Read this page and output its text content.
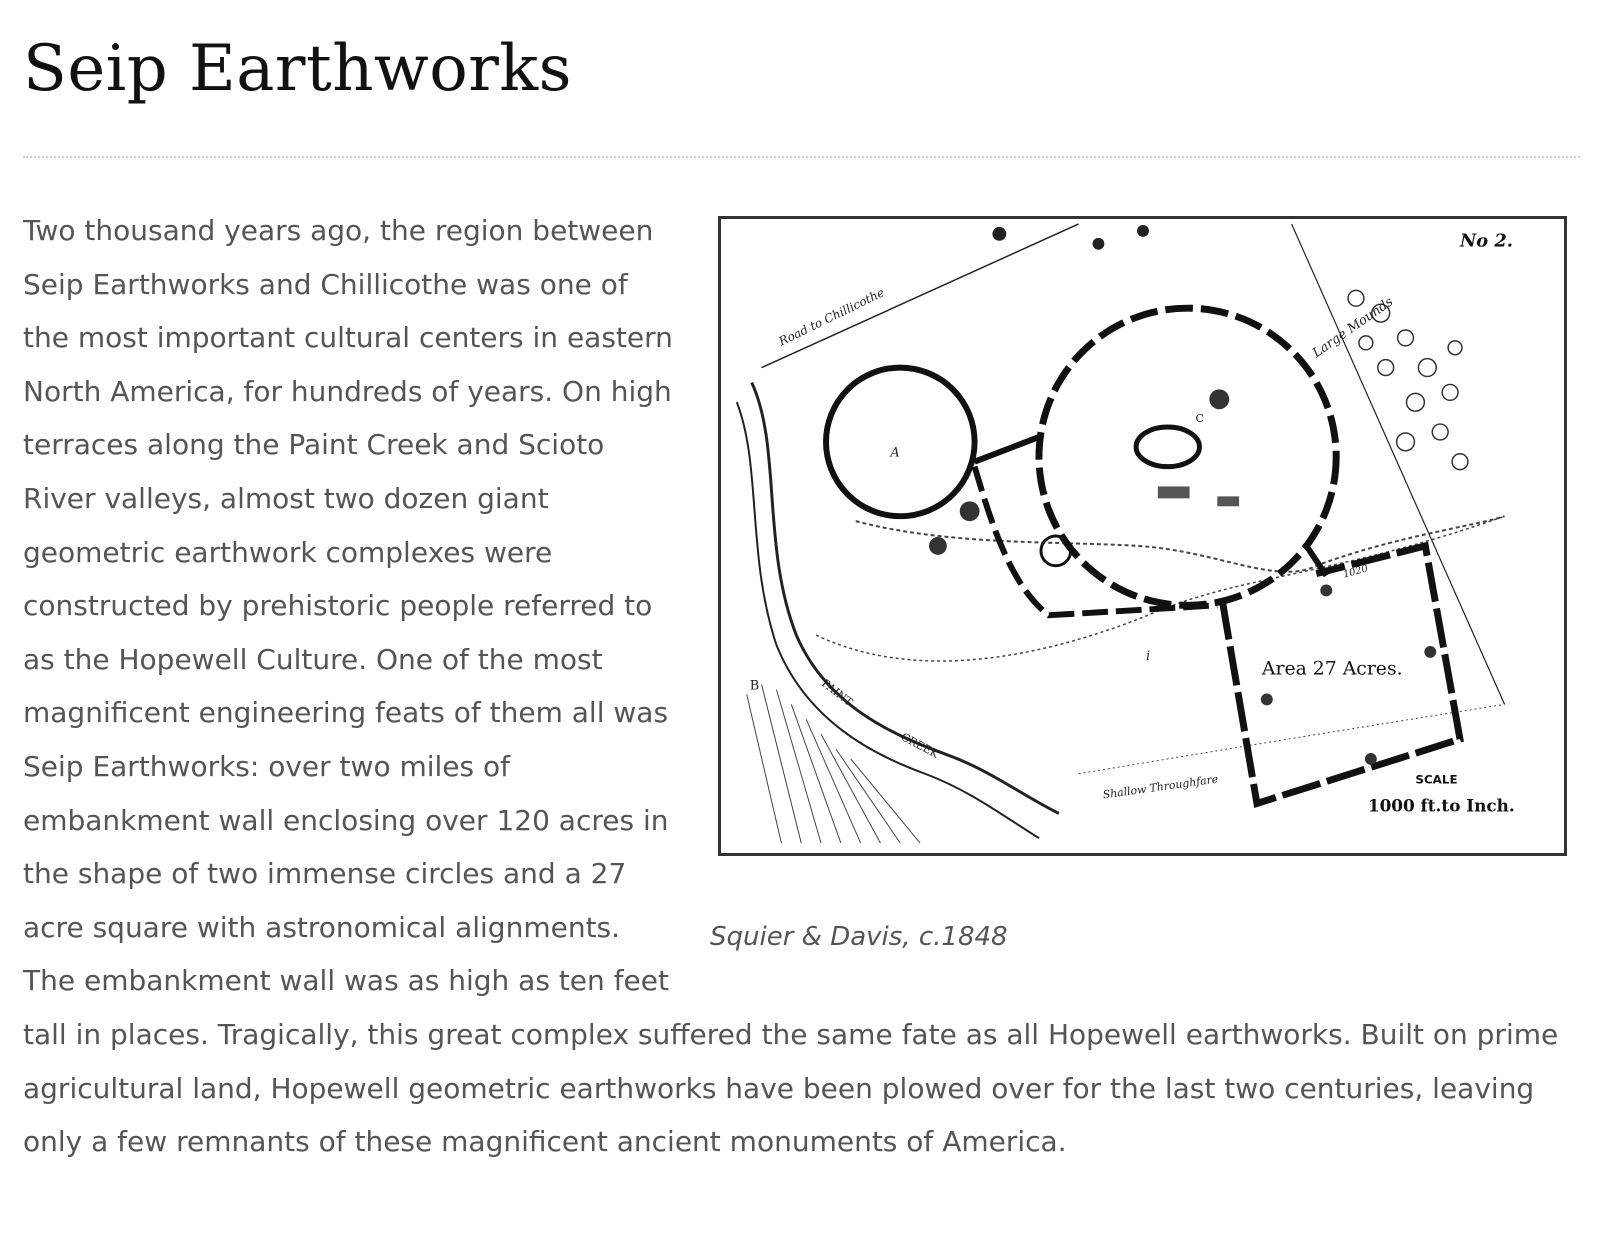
Seip Earthworks
No 2.
Road to Chillicothe	Large Mounds
Area 27 Acres.
PAINT
CREEK
Shallow Throughfare	SCALE
1000 ft.to Inch.
A
B
C
i
1020
Squier & Davis, c.1848
Two thousand years ago, the region between Seip Earthworks and Chillicothe was one of the most important cultural centers in eastern North America, for hundreds of years. On high terraces along the Paint Creek and Scioto River valleys, almost two dozen giant geometric earthwork complexes were constructed by prehistoric people referred to as the Hopewell Culture. One of the most magnificent engineering feats of them all was Seip Earthworks: over two miles of embankment wall enclosing over 120 acres in the shape of two immense circles and a 27 acre square with astronomical alignments. The embankment wall was as high as ten feet tall in places. Tragically, this great complex suffered the same fate as all Hopewell earthworks. Built on prime agricultural land, Hopewell geometric earthworks have been plowed over for the last two centuries, leaving only a few remnants of these magnificent ancient monuments of America.
